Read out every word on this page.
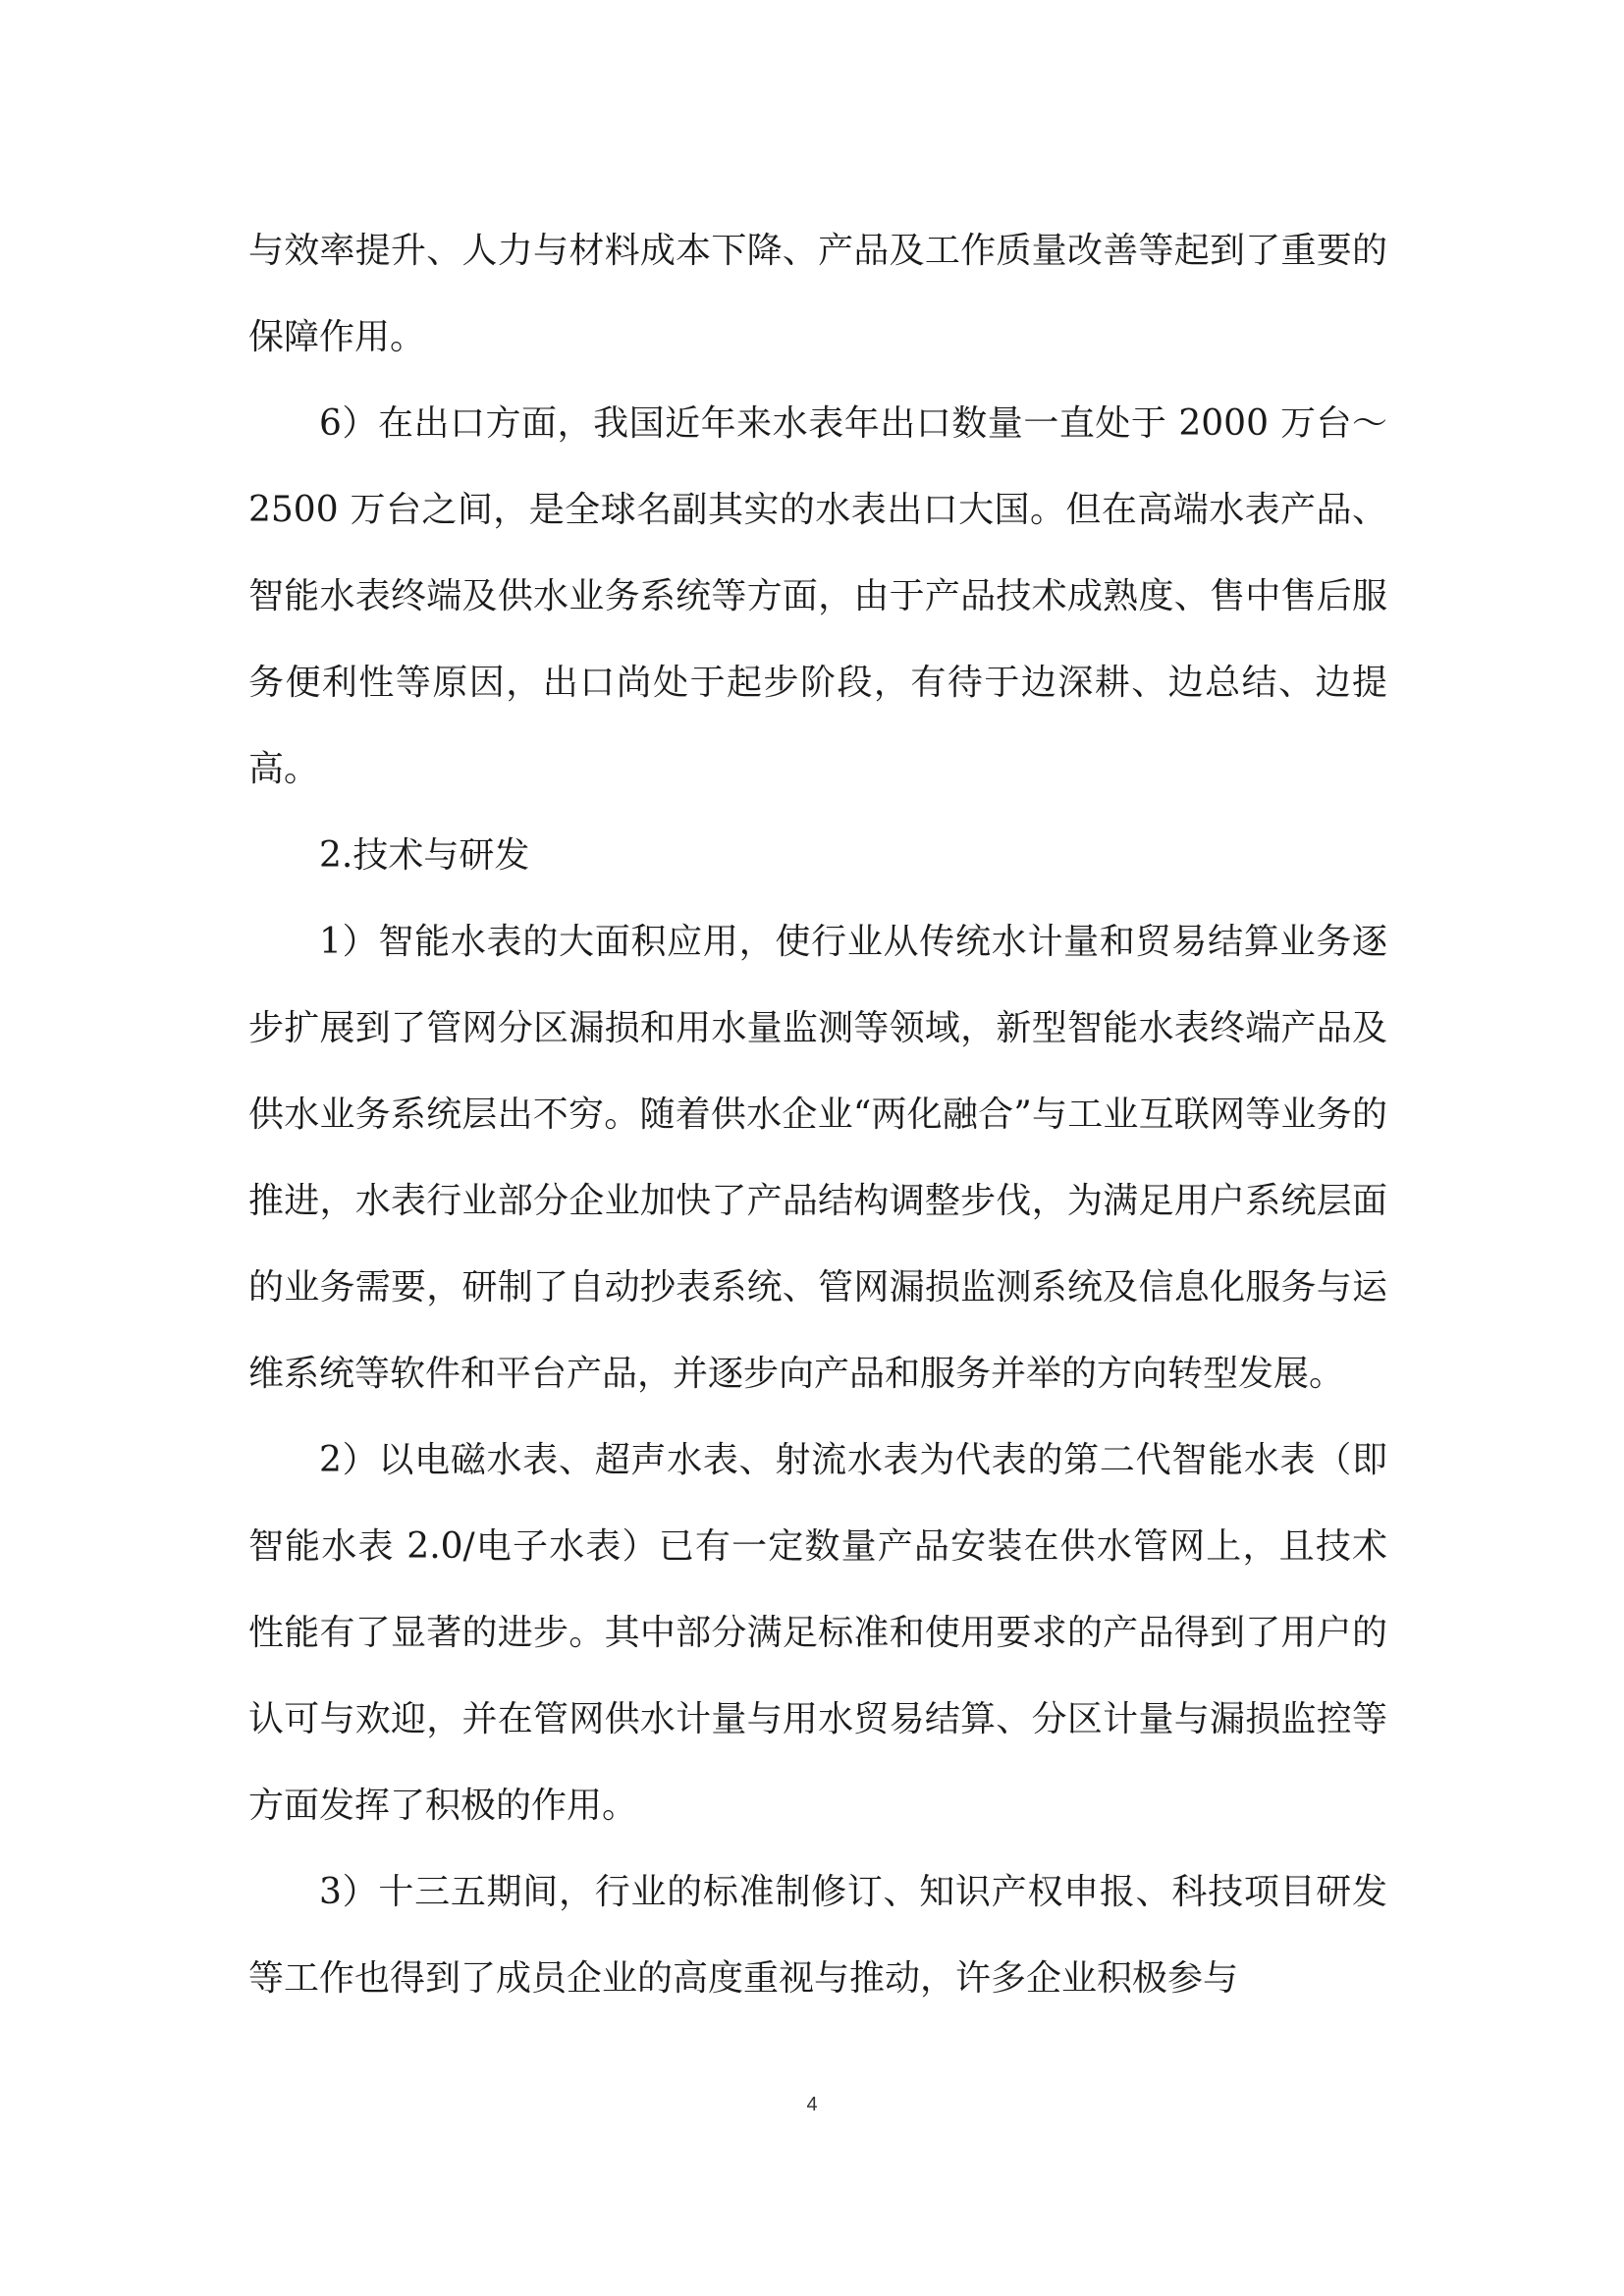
与效率提升、人力与材料成本下降、产品及工作质量改善等起到了重要的保障作用。

6）在出口方面，我国近年来水表年出口数量一直处于 2000 万台～2500 万台之间，是全球名副其实的水表出口大国。但在高端水表产品、智能水表终端及供水业务系统等方面，由于产品技术成熟度、售中售后服务便利性等原因，出口尚处于起步阶段，有待于边深耕、边总结、边提高。

2.技术与研发

1）智能水表的大面积应用，使行业从传统水计量和贸易结算业务逐步扩展到了管网分区漏损和用水量监测等领域，新型智能水表终端产品及供水业务系统层出不穷。随着供水企业“两化融合”与工业互联网等业务的推进，水表行业部分企业加快了产品结构调整步伐，为满足用户系统层面的业务需要，研制了自动抄表系统、管网漏损监测系统及信息化服务与运维系统等软件和平台产品，并逐步向产品和服务并举的方向转型发展。

2）以电磁水表、超声水表、射流水表为代表的第二代智能水表（即智能水表 2.0/电子水表）已有一定数量产品安装在供水管网上，且技术性能有了显著的进步。其中部分满足标准和使用要求的产品得到了用户的认可与欢迎，并在管网供水计量与用水贸易结算、分区计量与漏损监控等方面发挥了积极的作用。

3）十三五期间，行业的标准制修订、知识产权申报、科技项目研发等工作也得到了成员企业的高度重视与推动，许多企业积极参与

4
